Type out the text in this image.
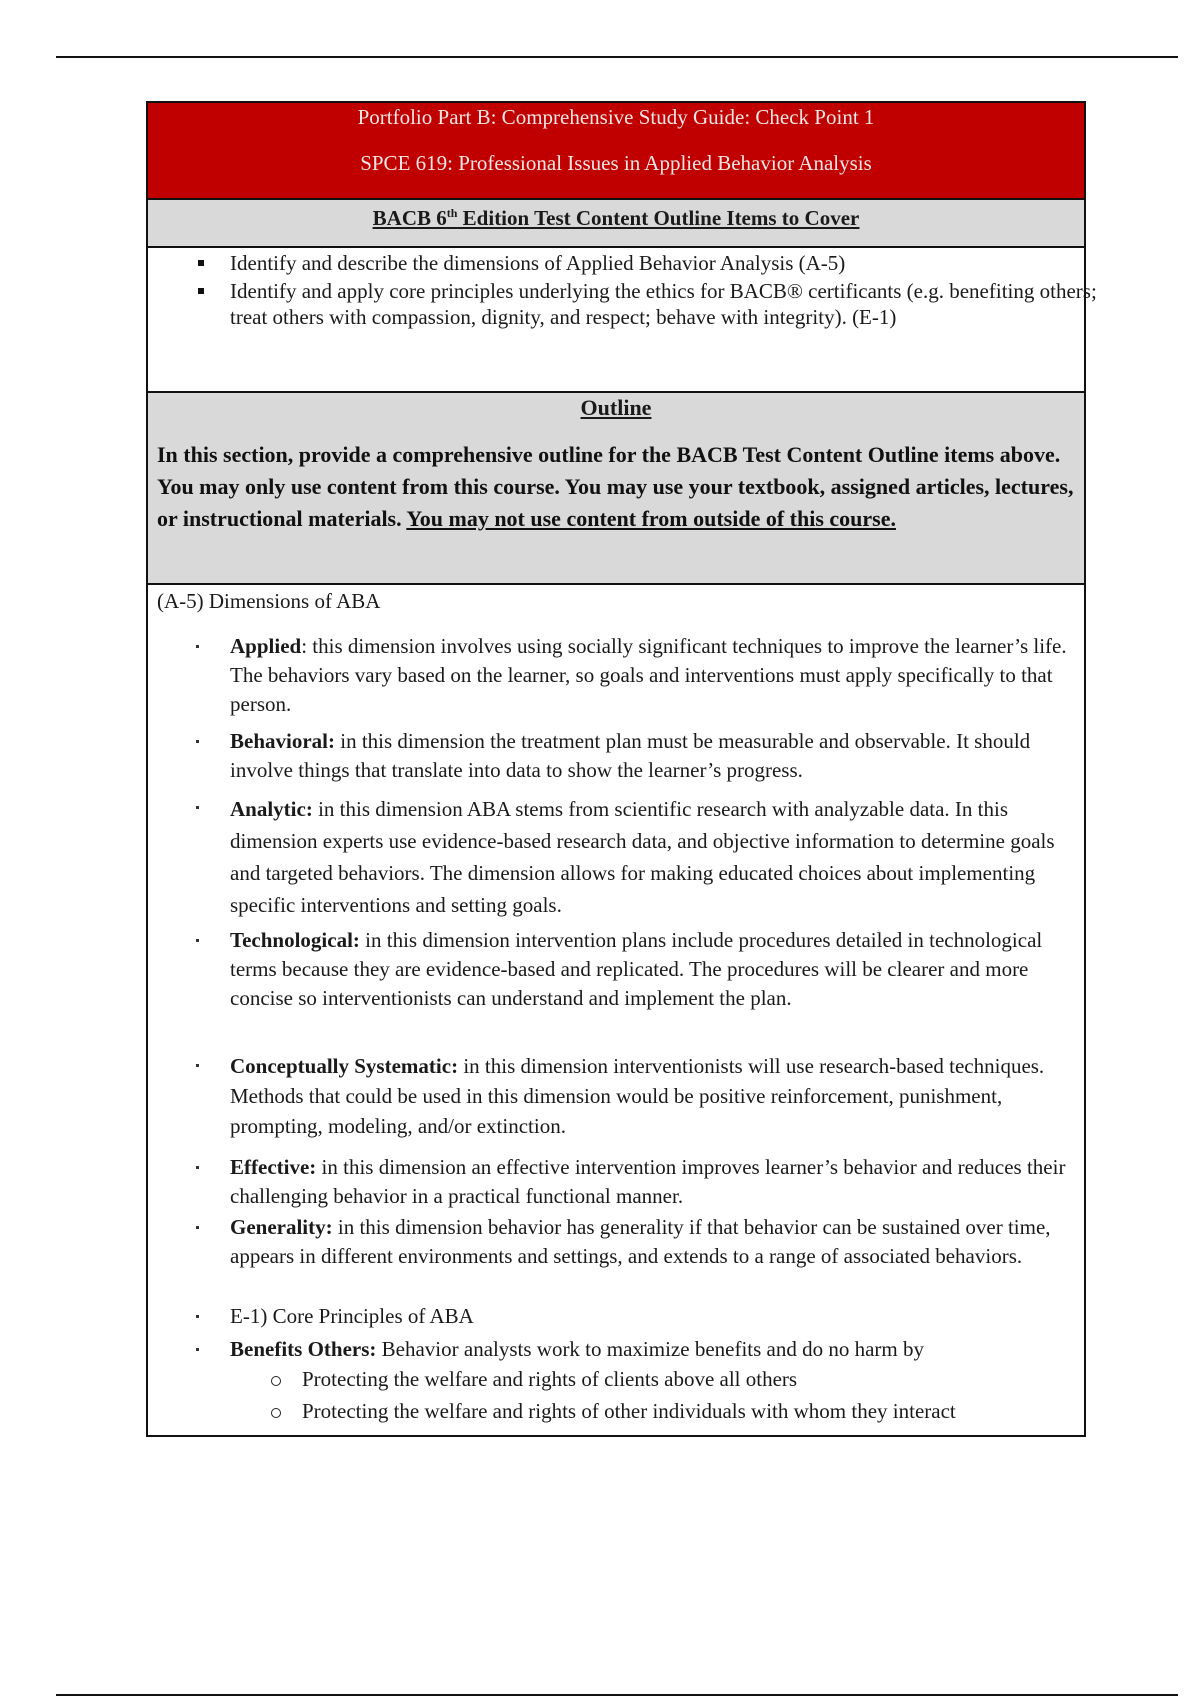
Portfolio Part B: Comprehensive Study Guide: Check Point 1
SPCE 619: Professional Issues in Applied Behavior Analysis
BACB 6th Edition Test Content Outline Items to Cover
Identify and describe the dimensions of Applied Behavior Analysis (A-5)
Identify and apply core principles underlying the ethics for BACB® certificants (e.g. benefiting others; treat others with compassion, dignity, and respect; behave with integrity). (E-1)
Outline
In this section, provide a comprehensive outline for the BACB Test Content Outline items above. You may only use content from this course. You may use your textbook, assigned articles, lectures, or instructional materials. You may not use content from outside of this course.
(A-5) Dimensions of ABA
Applied: this dimension involves using socially significant techniques to improve the learner’s life. The behaviors vary based on the learner, so goals and interventions must apply specifically to that person.
Behavioral: in this dimension the treatment plan must be measurable and observable. It should involve things that translate into data to show the learner’s progress.
Analytic: in this dimension ABA stems from scientific research with analyzable data. In this dimension experts use evidence-based research data, and objective information to determine goals and targeted behaviors. The dimension allows for making educated choices about implementing specific interventions and setting goals.
Technological: in this dimension intervention plans include procedures detailed in technological terms because they are evidence-based and replicated. The procedures will be clearer and more concise so interventionists can understand and implement the plan.
Conceptually Systematic: in this dimension interventionists will use research-based techniques. Methods that could be used in this dimension would be positive reinforcement, punishment, prompting, modeling, and/or extinction.
Effective: in this dimension an effective intervention improves learner’s behavior and reduces their challenging behavior in a practical functional manner.
Generality: in this dimension behavior has generality if that behavior can be sustained over time, appears in different environments and settings, and extends to a range of associated behaviors.
E-1) Core Principles of ABA
Benefits Others: Behavior analysts work to maximize benefits and do no harm by
Protecting the welfare and rights of clients above all others
Protecting the welfare and rights of other individuals with whom they interact
